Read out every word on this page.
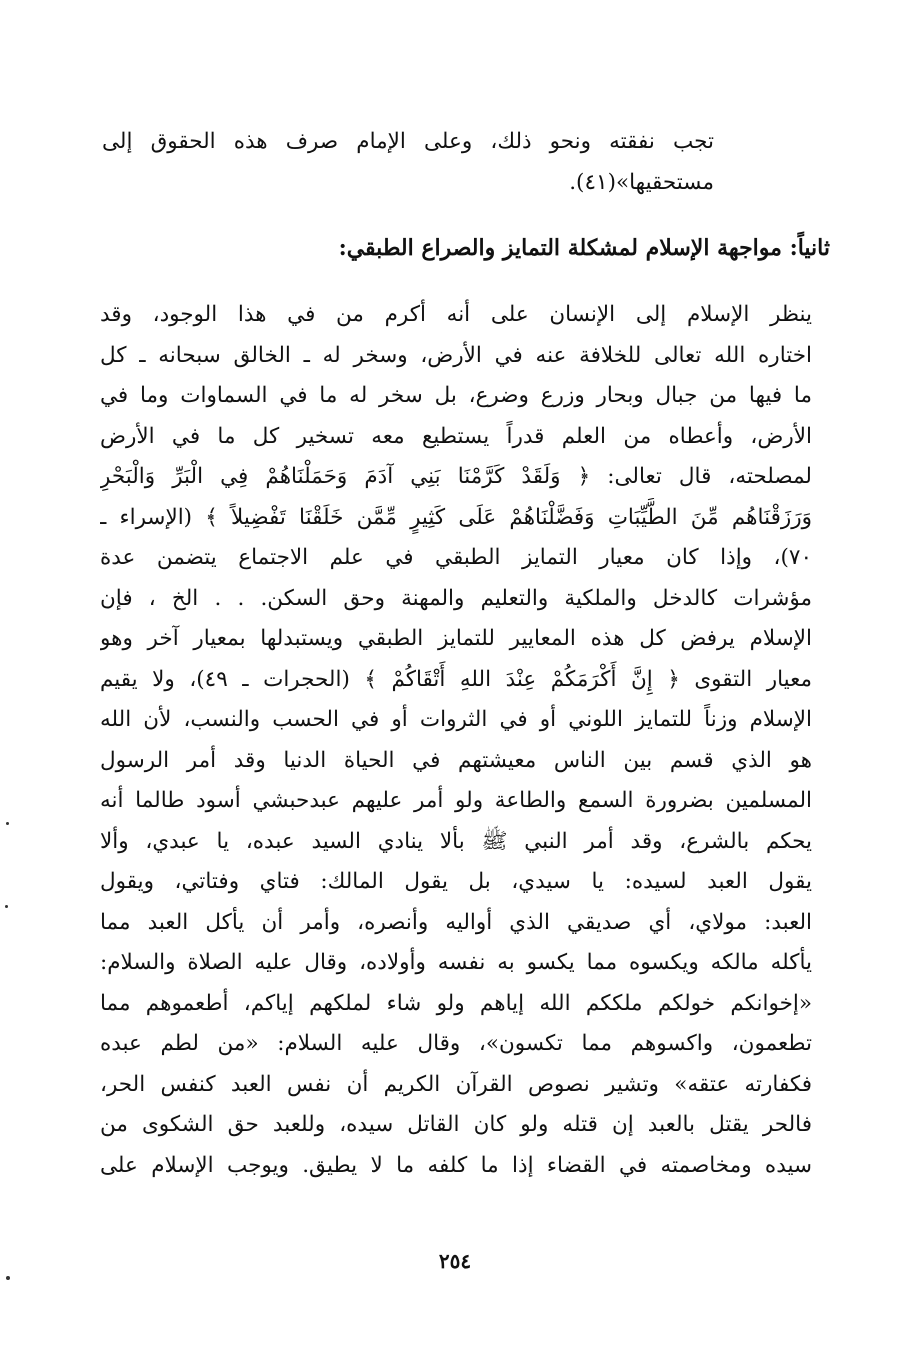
تجب نفقته ونحو ذلك، وعلى الإمام صرف هذه الحقوق إلى
مستحقيها»(٤١).
ثانياً: مواجهة الإسلام لمشكلة التمايز والصراع الطبقي:
ينظر الإسلام إلى الإنسان على أنه أكرم من في هذا الوجود، وقد
اختاره الله تعالى للخلافة عنه في الأرض، وسخر له ـ الخالق سبحانه ـ كل
ما فيها من جبال وبحار وزرع وضرع، بل سخر له ما في السماوات وما في
الأرض، وأعطاه من العلم قدراً يستطيع معه تسخير كل ما في الأرض
لمصلحته، قال تعالى: ﴿ وَلَقَدْ كَرَّمْنَا بَنِي آدَمَ وَحَمَلْنَاهُمْ فِي الْبَرِّ وَالْبَحْرِ
وَرَزَقْنَاهُم مِّنَ الطَّيِّبَاتِ وَفَضَّلْنَاهُمْ عَلَى كَثِيرٍ مِّمَّن خَلَقْنَا تَفْضِيلاً ﴾ (الإسراء ـ
٧٠)، وإذا كان معيار التمايز الطبقي في علم الاجتماع يتضمن عدة
مؤشرات كالدخل والملكية والتعليم والمهنة وحق السكن. . . الخ ، فإن
الإسلام يرفض كل هذه المعايير للتمايز الطبقي ويستبدلها بمعيار آخر وهو
معيار التقوى ﴿ إِنَّ أَكْرَمَكُمْ عِنْدَ اللهِ أَتْقَاكُمْ ﴾ (الحجرات ـ ٤٩)، ولا يقيم
الإسلام وزناً للتمايز اللوني أو في الثروات أو في الحسب والنسب، لأن الله
هو الذي قسم بين الناس معيشتهم في الحياة الدنيا وقد أمر الرسول
المسلمين بضرورة السمع والطاعة ولو أمر عليهم عبدحبشي أسود طالما أنه
يحكم بالشرع، وقد أمر النبي ﷺ بألا ينادي السيد عبده، يا عبدي، وألا
يقول العبد لسيده: يا سيدي، بل يقول المالك: فتاي وفتاتي، ويقول
العبد: مولاي، أي صديقي الذي أواليه وأنصره، وأمر أن يأكل العبد مما
يأكله مالكه ويكسوه مما يكسو به نفسه وأولاده، وقال عليه الصلاة والسلام:
«إخوانكم خولكم ملككم الله إياهم ولو شاء لملكهم إياكم، أطعموهم مما
تطعمون، واكسوهم مما تكسون»، وقال عليه السلام: «من لطم عبده
فكفارته عتقه» وتشير نصوص القرآن الكريم أن نفس العبد كنفس الحر،
فالحر يقتل بالعبد إن قتله ولو كان القاتل سيده، وللعبد حق الشكوى من
سيده ومخاصمته في القضاء إذا ما كلفه ما لا يطيق. ويوجب الإسلام على
٢٥٤
